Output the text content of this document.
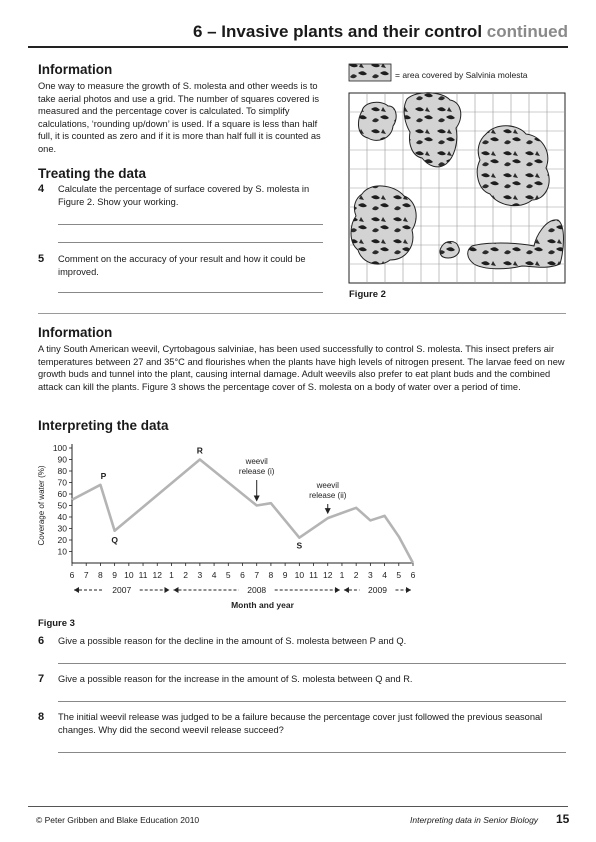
6 – Invasive plants and their control continued
Information
One way to measure the growth of S. molesta and other weeds is to take aerial photos and use a grid. The number of squares covered is measured and the percentage cover is calculated. To simplify calculations, ‘rounding up/down’ is used. If a square is less than half full, it is counted as zero and if it is more than half full it is counted as one.
Treating the data
4 Calculate the percentage of surface covered by S. molesta in Figure 2. Show your working.
5 Comment on the accuracy of your result and how it could be improved.
= area covered by Salvinia molesta
Figure 2
Information
A tiny South American weevil, Cyrtobagous salviniae, has been used successfully to control S. molesta. This insect prefers air temperatures between 27 and 35°C and flourishes when the plants have high levels of nitrogen present. The larvae feed on new growth buds and tunnel into the plant, causing internal damage. Adult weevils also prefer to eat plant buds and the combined attack can kill the plants. Figure 3 shows the percentage cover of S. molesta on a body of water over a period of time.
Interpreting the data
10
20
30
40
50
60
70
80
90
100
6 7 8 9 10 11 12 1 2 3 4 5 6 7 8 9 10 11 12 1 2 3 4 5 6
Coverage of water (%)
2007	2008	2009
Month and year
P
Q
R
S
weevil
release (i)
weevil
release (ii)
Figure 3
6 Give a possible reason for the decline in the amount of S. molesta between P and Q.
7 Give a possible reason for the increase in the amount of S. molesta between Q and R.
8 The initial weevil release was judged to be a failure because the percentage cover just followed the previous seasonal changes. Why did the second weevil release succeed?
© Peter Gribben and Blake Education 2010	Interpreting data in Senior Biology 15
